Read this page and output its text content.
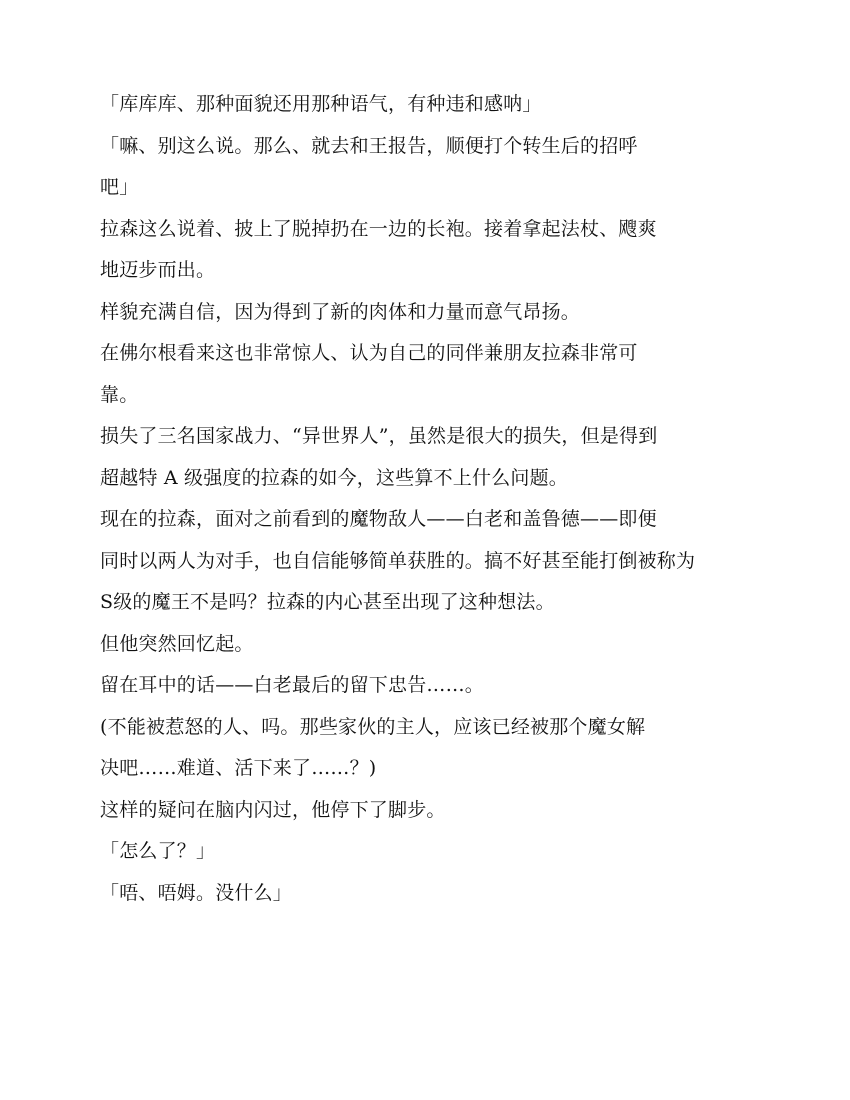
「库库库、那种面貌还用那种语气，有种违和感呐」
「嘛、别这么说。那么、就去和王报告，顺便打个转生后的招呼
吧」
拉森这么说着、披上了脱掉扔在一边的长袍。接着拿起法杖、飕爽
地迈步而出。
样貌充满自信，因为得到了新的肉体和力量而意气昂扬。
在佛尔根看来这也非常惊人、认为自己的同伴兼朋友拉森非常可
靠。
损失了三名国家战力、“异世界人”，虽然是很大的损失，但是得到
超越特 A 级强度的拉森的如今，这些算不上什么问题。
现在的拉森，面对之前看到的魔物敌人——白老和盖鲁德——即便
同时以两人为对手，也自信能够简单获胜的。搞不好甚至能打倒被称为
S级的魔王不是吗？拉森的内心甚至出现了这种想法。
但他突然回忆起。
留在耳中的话——白老最后的留下忠告……。
(不能被惹怒的人、吗。那些家伙的主人，应该已经被那个魔女解
决吧……难道、活下来了……？)
这样的疑问在脑内闪过，他停下了脚步。
「怎么了？」
「唔、唔姆。没什么」
